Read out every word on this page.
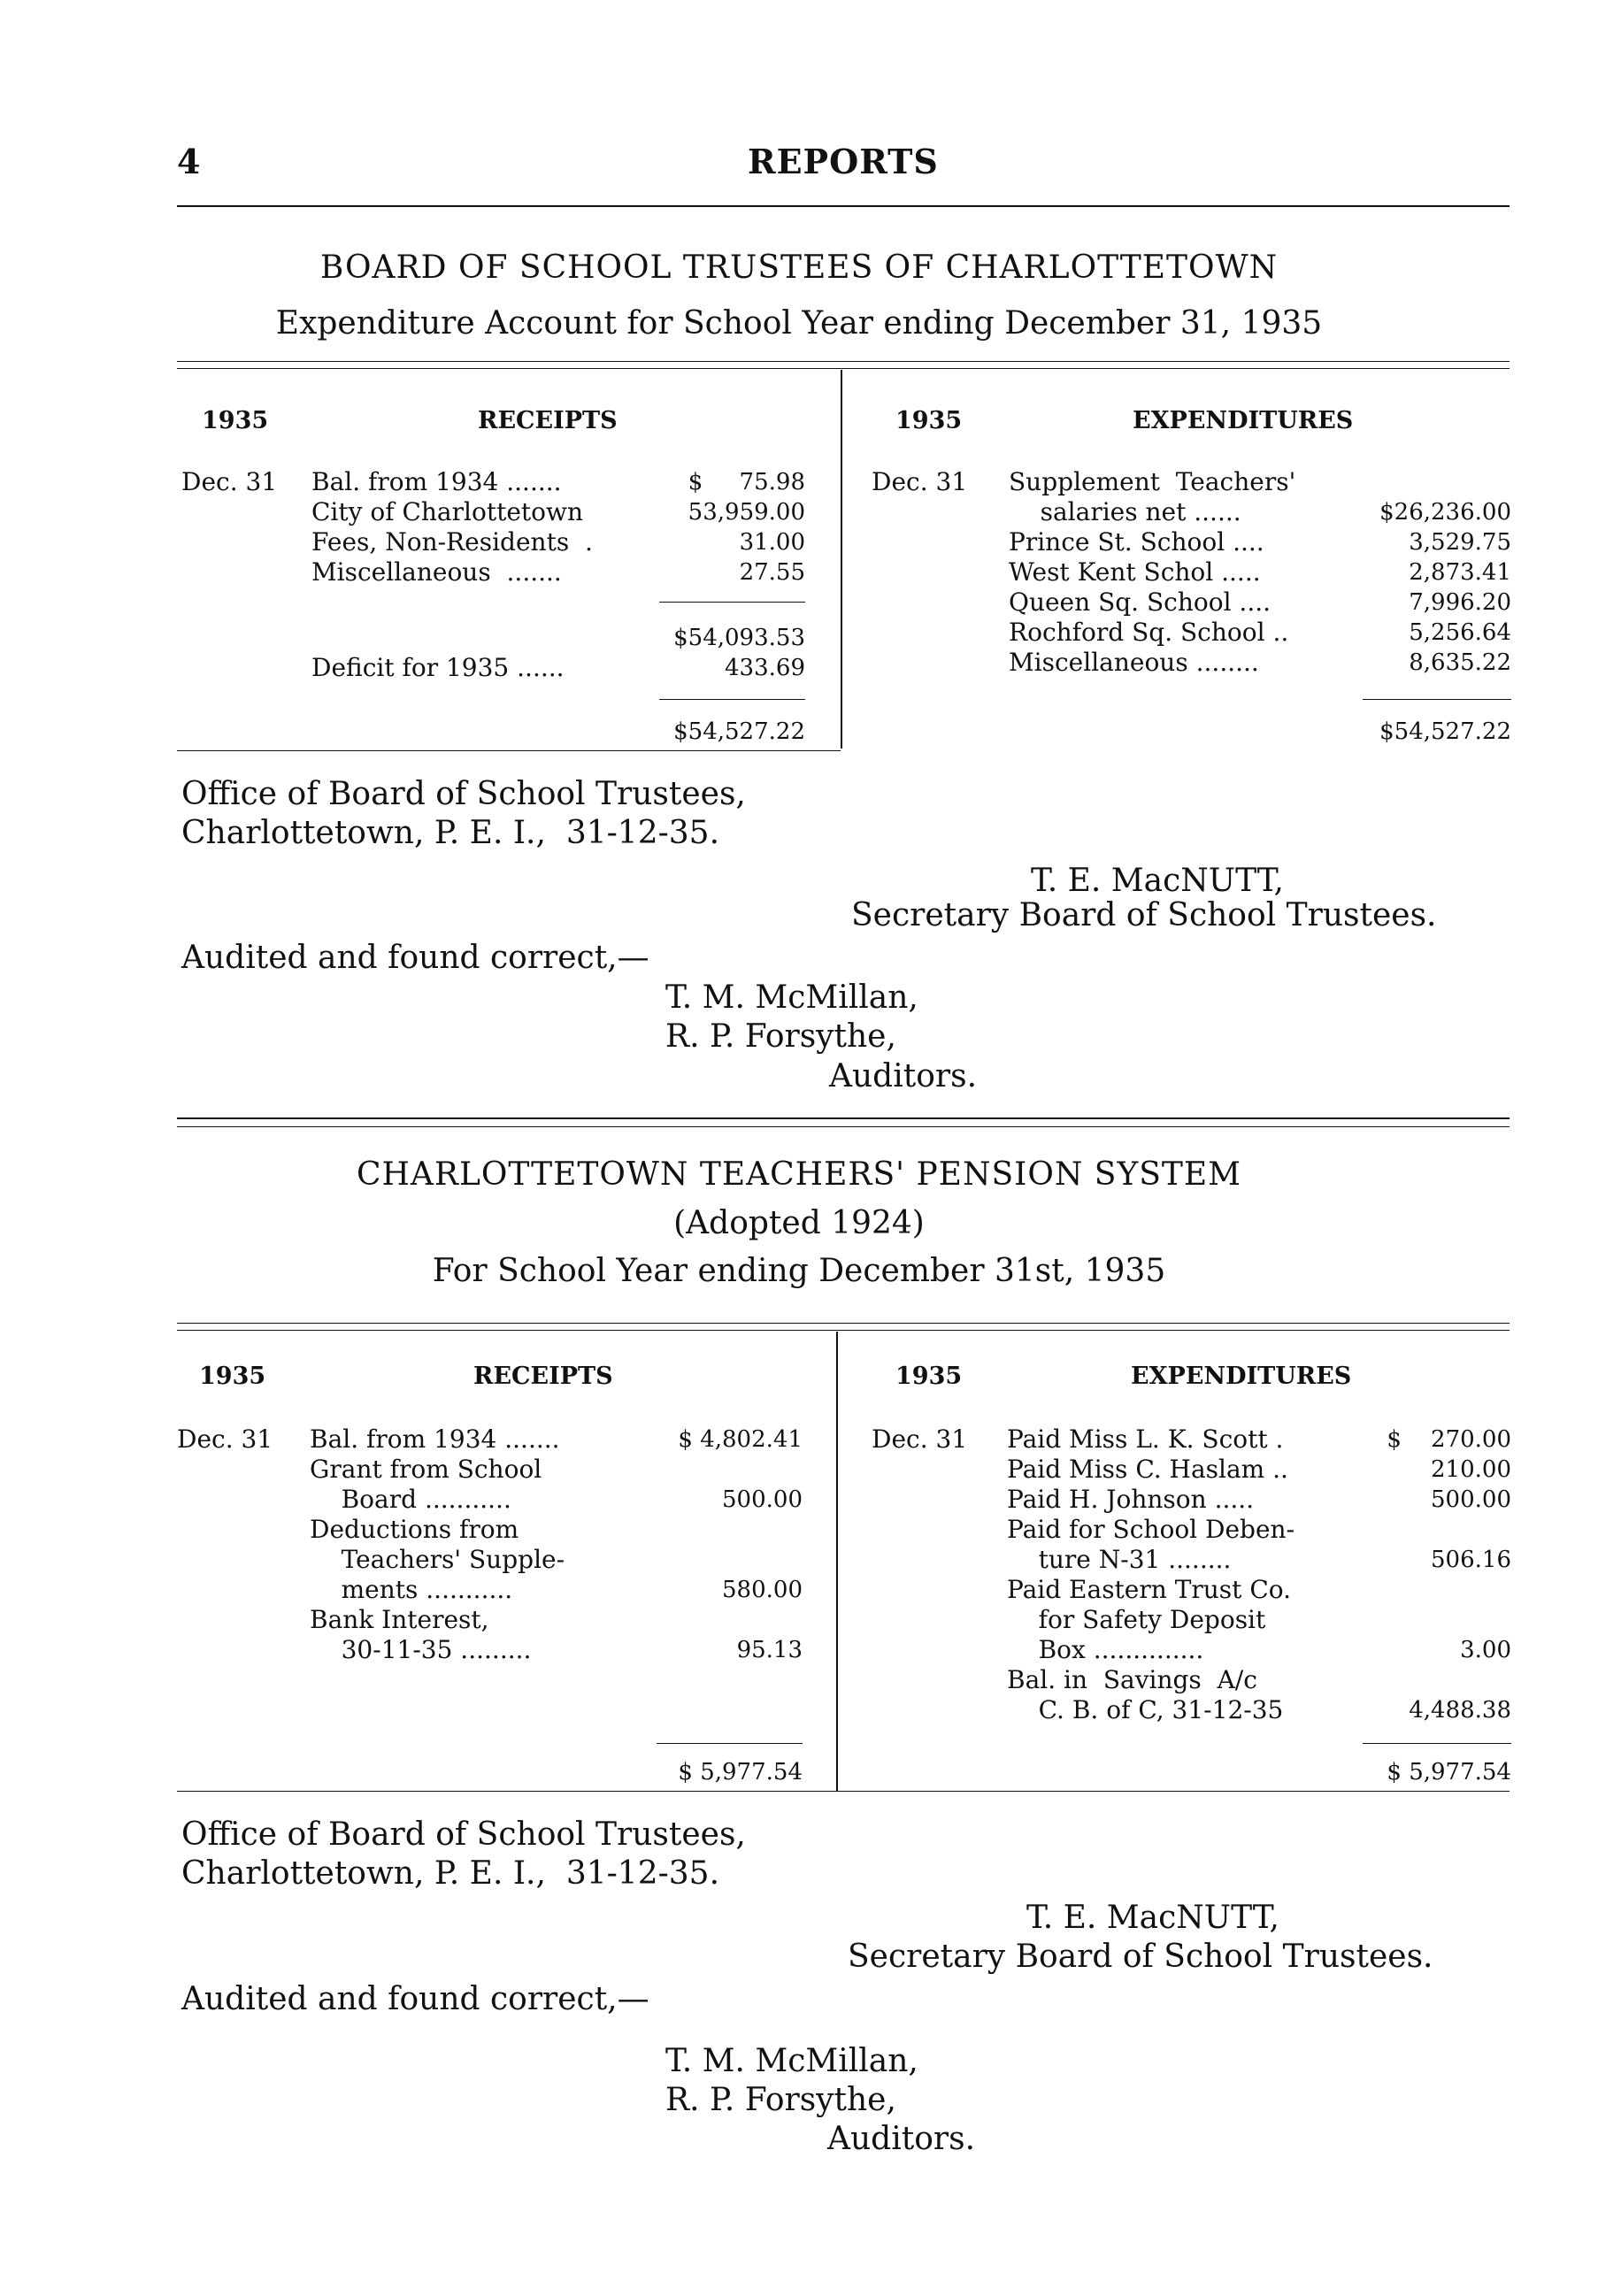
4	REPORTS
BOARD OF SCHOOL TRUSTEES OF CHARLOTTETOWN
Expenditure Account for School Year ending December 31, 1935
1935	RECEIPTS
Dec. 31 Bal. from 1934 .......	$     75.98
City of Charlottetown	53,959.00
Fees, Non-Residents  .	31.00
Miscellaneous  .......	27.55
$54,093.53
Deficit for 1935 ......	433.69
$54,527.22
1935	EXPENDITURES
Dec. 31 Supplement  Teachers'
salaries net ......	$26,236.00
Prince St. School ....	3,529.75
West Kent Schol .....	2,873.41
Queen Sq. School ....	7,996.20
Rochford Sq. School ..	5,256.64
Miscellaneous ........	8,635.22
$54,527.22
Office of Board of School Trustees,
Charlottetown, P. E. I.,  31-12-35.
T. E. MacNUTT,
Secretary Board of School Trustees.
Audited and found correct,—
T. M. McMillan,
R. P. Forsythe,
Auditors.
CHARLOTTETOWN TEACHERS' PENSION SYSTEM
(Adopted 1924)
For School Year ending December 31st, 1935
1935	RECEIPTS
Dec. 31 Bal. from 1934 .......	$ 4,802.41
Grant from School
Board ...........	500.00
Deductions from
Teachers' Supple-
ments ...........	580.00
Bank Interest,
30-11-35 .........	95.13
$ 5,977.54
1935	EXPENDITURES
Dec. 31 Paid Miss L. K. Scott .	$    270.00
Paid Miss C. Haslam ..	210.00
Paid H. Johnson .....	500.00
Paid for School Deben-
ture N-31 ........	506.16
Paid Eastern Trust Co.
for Safety Deposit
Box ..............	3.00
Bal. in  Savings  A/c
C. B. of C, 31-12-35	4,488.38
$ 5,977.54
Office of Board of School Trustees,
Charlottetown, P. E. I.,  31-12-35.
T. E. MacNUTT,
Secretary Board of School Trustees.
Audited and found correct,—
T. M. McMillan,
R. P. Forsythe,
Auditors.
